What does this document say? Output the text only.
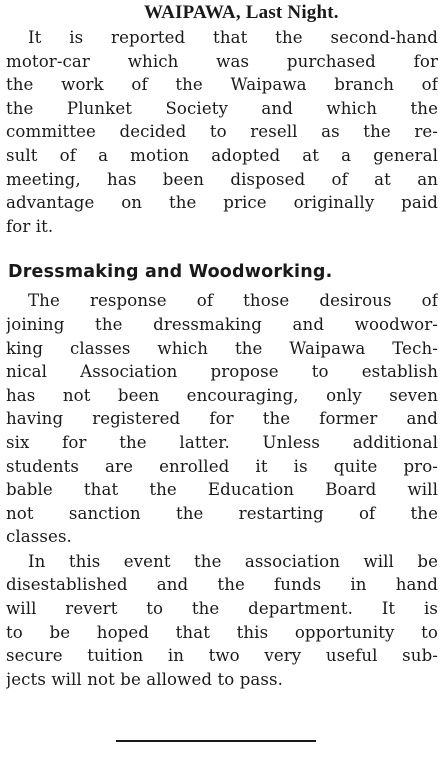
WAIPAWA, Last Night.

It is reported that the second-hand
motor-car which was purchased for
the work of the Waipawa branch of
the Plunket Society and which the
committee decided to resell as the re-
sult of a motion adopted at a general
meeting, has been disposed of at an
advantage on the price originally paid
for it.

Dressmaking and Woodworking.

The response of those desirous of
joining the dressmaking and woodwor-
king classes which the Waipawa Tech-
nical Association propose to establish
has not been encouraging, only seven
having registered for the former and
six for the latter. Unless additional
students are enrolled it is quite pro-
bable that the Education Board will
not sanction the restarting of the
classes.
In this event the association will be
disestablished and the funds in hand
will revert to the department. It is
to be hoped that this opportunity to
secure tuition in two very useful sub-
jects will not be allowed to pass.
